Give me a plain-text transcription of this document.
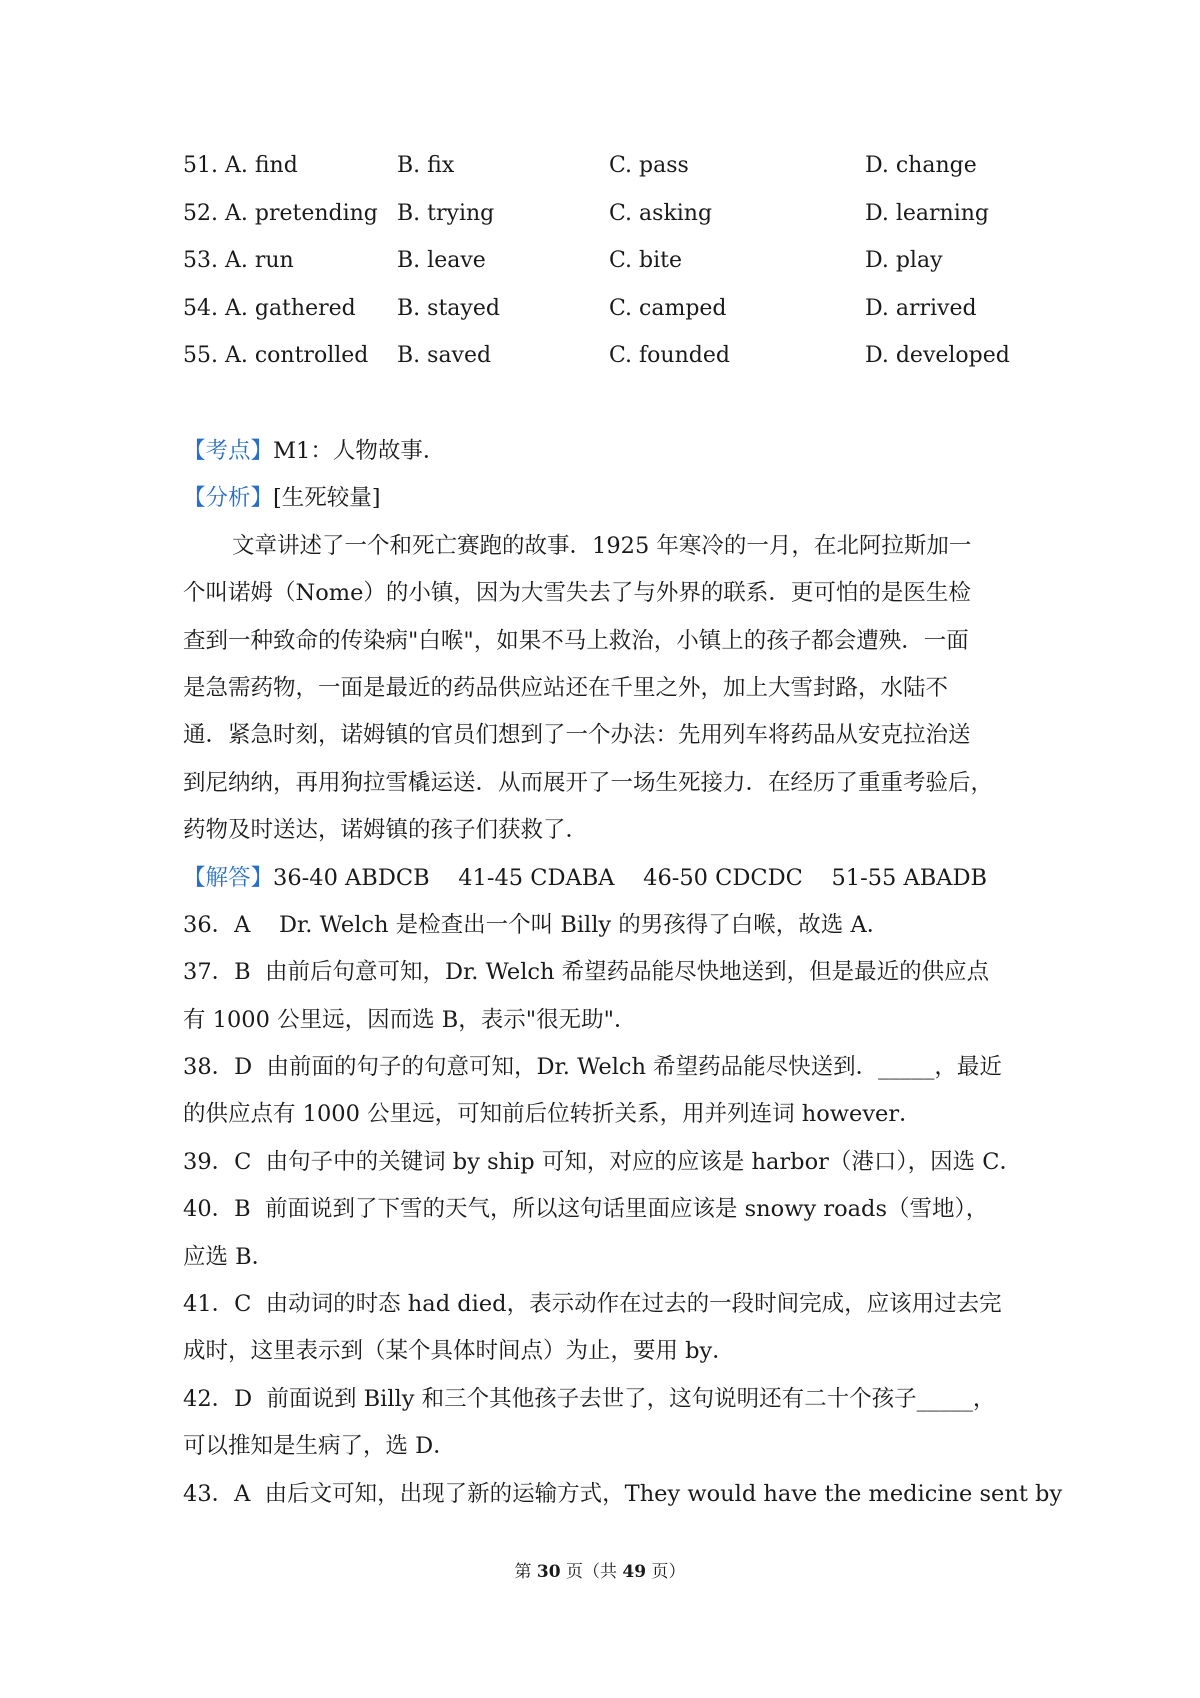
51. A. find	B. fix	C. pass	D. change
52. A. pretending B. trying	C. asking	D. learning
53. A. run	B. leave	C. bite	D. play
54. A. gathered B. stayed	C. camped	D. arrived
55. A. controlled B. saved	C. founded	D. developed
【考点】M1：人物故事．
【分析】[生死较量]
文章讲述了一个和死亡赛跑的故事．1925 年寒冷的一月，在北阿拉斯加一
个叫诺姆（Nome）的小镇，因为大雪失去了与外界的联系．更可怕的是医生检
查到一种致命的传染病"白喉"，如果不马上救治，小镇上的孩子都会遭殃．一面
是急需药物，一面是最近的药品供应站还在千里之外，加上大雪封路，水陆不
通．紧急时刻，诺姆镇的官员们想到了一个办法：先用列车将药品从安克拉治送
到尼纳纳，再用狗拉雪橇运送．从而展开了一场生死接力．在经历了重重考验后，
药物及时送达，诺姆镇的孩子们获救了．
【解答】36-40 ABDCB    41-45 CDABA    46-50 CDCDC    51-55 ABADB
36．A    Dr. Welch 是检查出一个叫 Billy 的男孩得了白喉，故选 A．
37．B  由前后句意可知，Dr. Welch 希望药品能尽快地送到，但是最近的供应点
有 1000 公里远，因而选 B，表示"很无助"．
38．D  由前面的句子的句意可知，Dr. Welch 希望药品能尽快送到．_____，最近
的供应点有 1000 公里远，可知前后位转折关系，用并列连词 however．
39．C  由句子中的关键词 by ship 可知，对应的应该是 harbor（港口），因选 C．
40．B  前面说到了下雪的天气，所以这句话里面应该是 snowy roads（雪地），
应选 B．
41．C  由动词的时态 had died，表示动作在过去的一段时间完成，应该用过去完
成时，这里表示到（某个具体时间点）为止，要用 by．
42．D  前面说到 Billy 和三个其他孩子去世了，这句说明还有二十个孩子_____，
可以推知是生病了，选 D．
43．A  由后文可知，出现了新的运输方式，They would have the medicine sent by
第 30 页（共 49 页）
